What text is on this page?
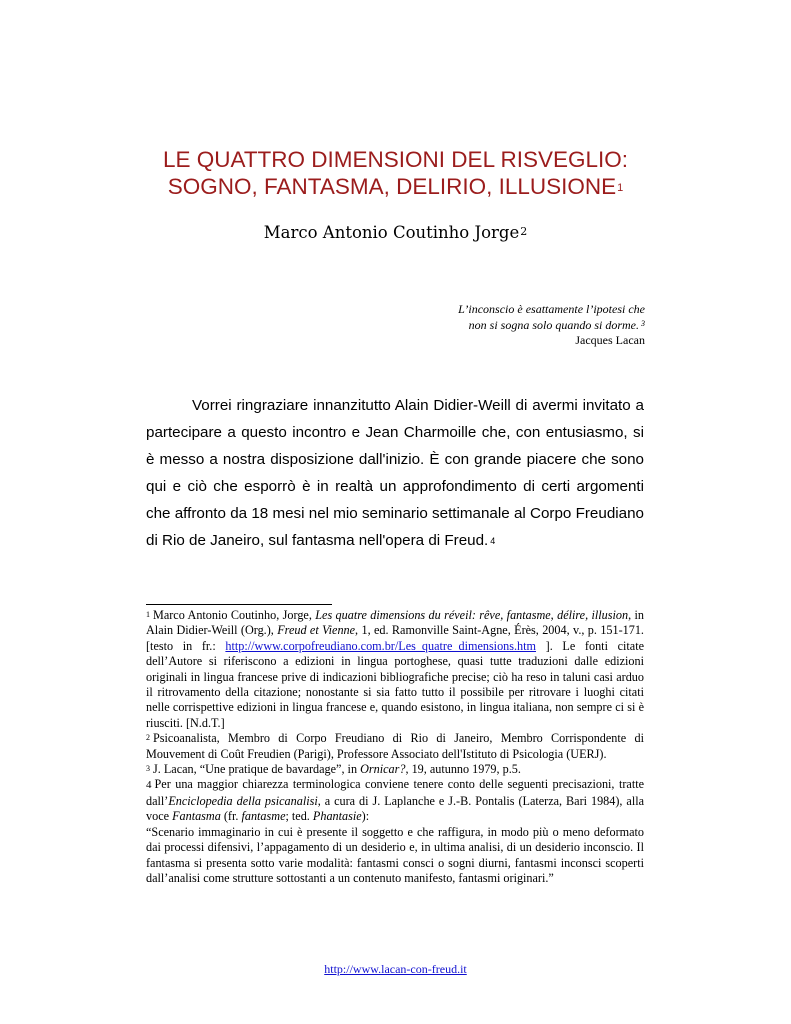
LE QUATTRO DIMENSIONI DEL RISVEGLIO:
SOGNO, FANTASMA, DELIRIO, ILLUSIONE$^1$
Marco Antonio Coutinho Jorge$^2$
L’inconscio è esattamente l’ipotesi che
non si sogna solo quando si dorme. $^3$
Jacques Lacan
Vorrei ringraziare innanzitutto Alain Didier-Weill di avermi invitato a partecipare a questo incontro e Jean Charmoille che, con entusiasmo, si è messo a nostra disposizione dall'inizio. È con grande piacere che sono qui e ciò che esporrò è in realtà un approfondimento di certi argomenti che affronto da 18 mesi nel mio seminario settimanale al Corpo Freudiano di Rio de Janeiro, sul fantasma nell'opera di Freud. $^4$

$^1$ Marco Antonio Coutinho, Jorge, Les quatre dimensions du réveil: rêve, fantasme, délire, illusion, in Alain Didier-Weill (Org.), Freud et Vienne, 1, ed. Ramonville Saint-Agne, Érès, 2004, v., p. 151-171. [testo in fr.: http://www.corpofreudiano.com.br/Les_quatre_dimensions.htm ]. Le fonti citate dell’Autore si riferiscono a edizioni in lingua portoghese, quasi tutte traduzioni dalle edizioni originali in lingua francese prive di indicazioni bibliografiche precise; ciò ha reso in taluni casi arduo il ritrovamento della citazione; nonostante si sia fatto tutto il possibile per ritrovare i luoghi citati nelle corrispettive edizioni in lingua francese e, quando esistono, in lingua italiana, non sempre ci si è riusciti. [N.d.T.]

$^2$ Psicoanalista, Membro di Corpo Freudiano di Rio di Janeiro, Membro Corrispondente di Mouvement di Coût Freudien (Parigi), Professore Associato dell'Istituto di Psicologia (UERJ).

$^3$ J. Lacan, “Une pratique de bavardage”, in Ornicar?, 19, autunno 1979, p.5.

4 Per una maggior chiarezza terminologica conviene tenere conto delle seguenti precisazioni, tratte dall’Enciclopedia della psicanalisi, a cura di J. Laplanche e J.-B. Pontalis (Laterza, Bari 1984), alla voce Fantasma (fr. fantasme; ted. Phantasie):

“Scenario immaginario in cui è presente il soggetto e che raffigura, in modo più o meno deformato dai processi difensivi, l’appagamento di un desiderio e, in ultima analisi, di un desiderio inconscio. Il fantasma si presenta sotto varie modalità: fantasmi consci o sogni diurni, fantasmi inconsci scoperti dall’analisi come strutture sottostanti a un contenuto manifesto, fantasmi originari.”

http://www.lacan-con-freud.it
